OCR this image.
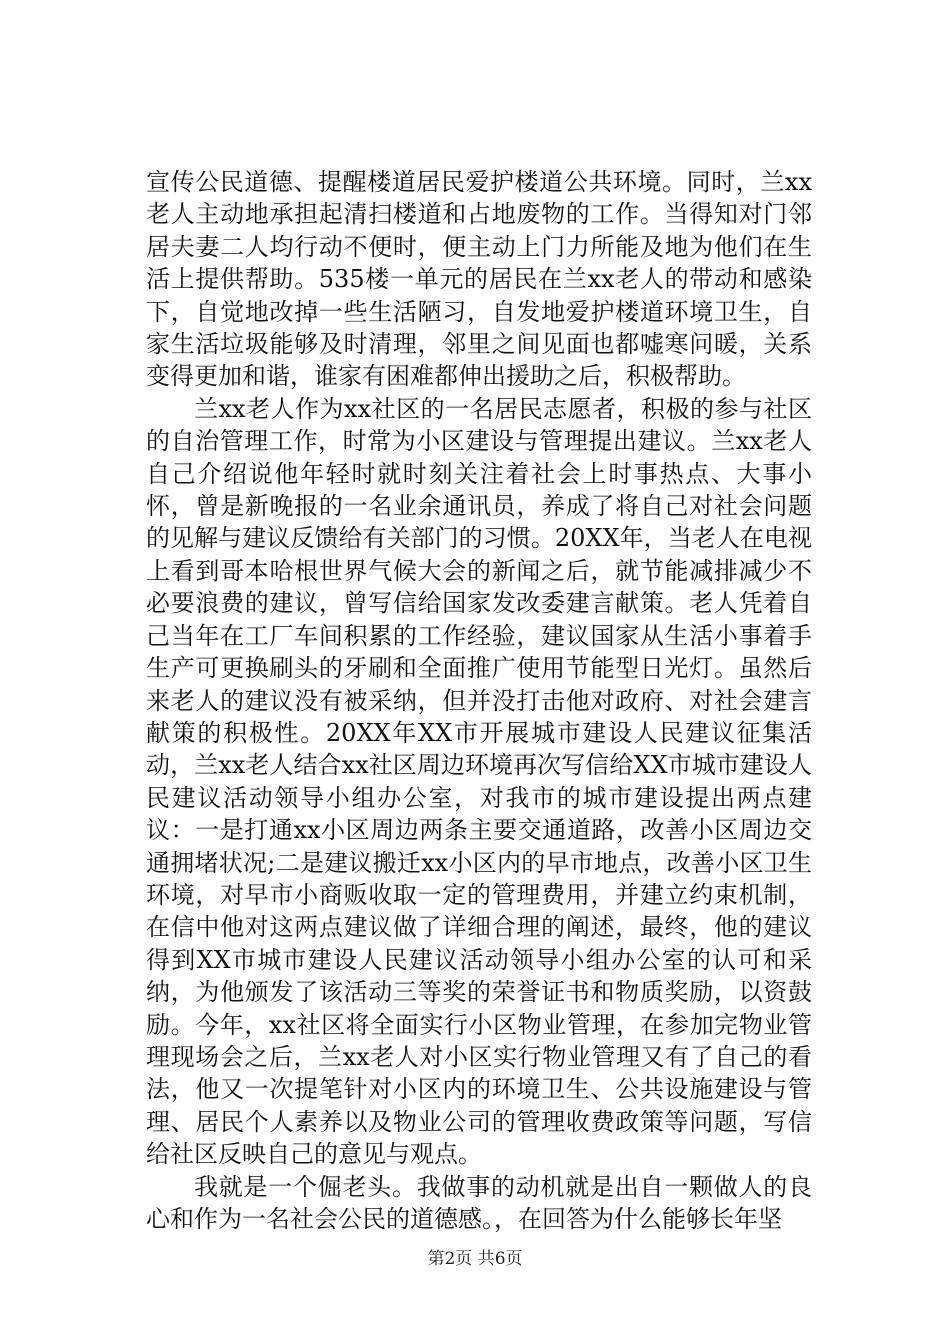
宣传公民道德、提醒楼道居民爱护楼道公共环境。同时，兰xx老人主动地承担起清扫楼道和占地废物的工作。当得知对门邻居夫妻二人均行动不便时，便主动上门力所能及地为他们在生活上提供帮助。535楼一单元的居民在兰xx老人的带动和感染下，自觉地改掉一些生活陋习，自发地爱护楼道环境卫生，自家生活垃圾能够及时清理，邻里之间见面也都嘘寒问暖，关系变得更加和谐，谁家有困难都伸出援助之后，积极帮助。

兰xx老人作为xx社区的一名居民志愿者，积极的参与社区的自治管理工作，时常为小区建设与管理提出建议。兰xx老人自己介绍说他年轻时就时刻关注着社会上时事热点、大事小怀，曾是新晚报的一名业余通讯员，养成了将自己对社会问题的见解与建议反馈给有关部门的习惯。20XX年，当老人在电视上看到哥本哈根世界气候大会的新闻之后，就节能减排减少不必要浪费的建议，曾写信给国家发改委建言献策。老人凭着自己当年在工厂车间积累的工作经验，建议国家从生活小事着手生产可更换刷头的牙刷和全面推广使用节能型日光灯。虽然后来老人的建议没有被采纳，但并没打击他对政府、对社会建言献策的积极性。20XX年XX市开展城市建设人民建议征集活动，兰xx老人结合xx社区周边环境再次写信给XX市城市建设人民建议活动领导小组办公室，对我市的城市建设提出两点建议：一是打通xx小区周边两条主要交通道路，改善小区周边交通拥堵状况;二是建议搬迁xx小区内的早市地点，改善小区卫生环境，对早市小商贩收取一定的管理费用，并建立约束机制，在信中他对这两点建议做了详细合理的阐述，最终，他的建议得到XX市城市建设人民建议活动领导小组办公室的认可和采纳，为他颁发了该活动三等奖的荣誉证书和物质奖励，以资鼓励。今年，xx社区将全面实行小区物业管理，在参加完物业管理现场会之后，兰xx老人对小区实行物业管理又有了自己的看法，他又一次提笔针对小区内的环境卫生、公共设施建设与管理、居民个人素养以及物业公司的管理收费政策等问题，写信给社区反映自己的意见与观点。

我就是一个倔老头。我做事的动机就是出自一颗做人的良心和作为一名社会公民的道德感。，在回答为什么能够长年坚

第2页 共6页
